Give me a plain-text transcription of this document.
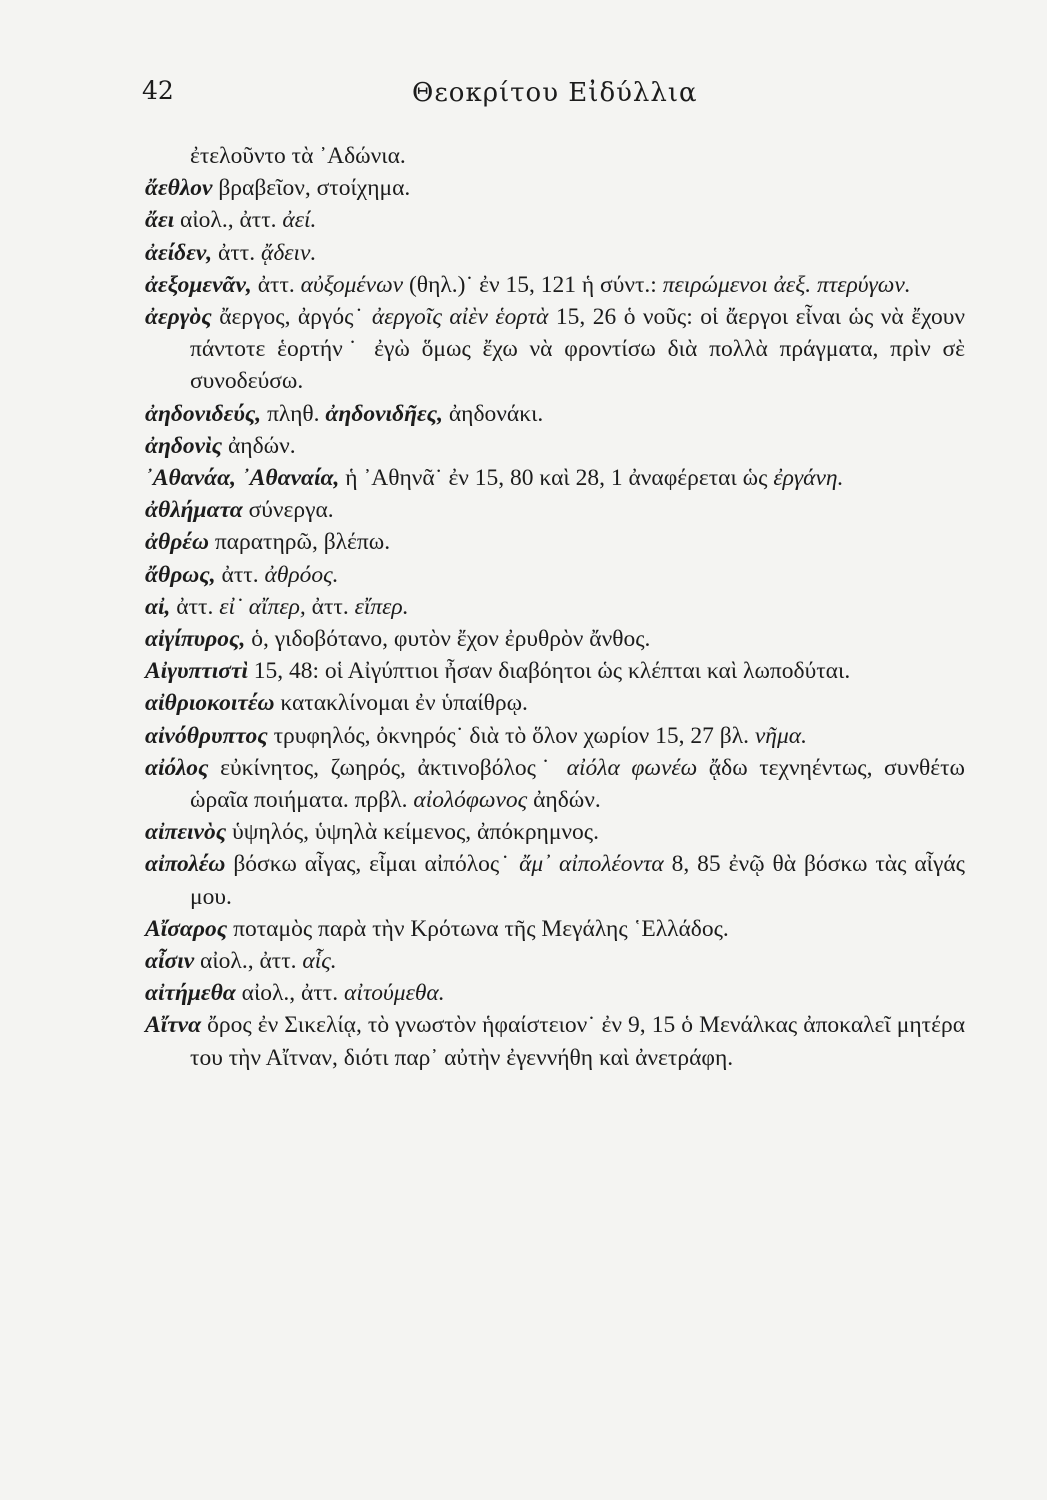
42	Θεοκρίτου Εἰδύλλια

ἐτελοῦντο τὰ ᾿Αδώνια.

ἄεθλον βραβεῖον, στοίχημα.

ἄει αἰολ., ἀττ. ἀεί.

ἀείδεν, ἀττ. ᾄδειν.

ἀεξομενᾶν, ἀττ. αὐξομένων (θηλ.)˙ ἐν 15, 121 ἡ σύντ.: πειρώμενοι ἀεξ. πτερύγων.

ἀεργὸς ἄεργος, ἀργός˙ ἀεργοῖς αἰὲν ἑορτὰ 15, 26 ὁ νοῦς: οἱ ἄεργοι εἶναι ὡς νὰ ἔχουν πάντοτε ἑορτήν˙ ἐγὼ ὅμως ἔχω νὰ φροντίσω διὰ πολλὰ πράγματα, πρὶν σὲ συνοδεύσω.

ἀηδονιδεύς, πληθ. ἀηδονιδῆες, ἀηδονάκι.

ἀηδονὶς ἀηδών.

᾿Αθανάα, ᾿Αθαναία, ἡ ᾿Αθηνᾶ˙ ἐν 15, 80 καὶ 28, 1 ἀναφέρεται ὡς ἐργάνη.

ἀθλήματα σύνεργα.

ἀθρέω παρατηρῶ, βλέπω.

ἄθρως, ἀττ. ἀθρόος.

αἰ, ἀττ. εἰ˙ αἴπερ, ἀττ. εἴπερ.

αἰγίπυρος, ὁ, γιδοβότανο, φυτὸν ἔχον ἐρυθρὸν ἄνθος.

Αἰγυπτιστὶ 15, 48: οἱ Αἰγύπτιοι ἦσαν διαβόητοι ὡς κλέπται καὶ λωποδύται.

αἰθριοκοιτέω κατακλίνομαι ἐν ὑπαίθρῳ.

αἰνόθρυπτος τρυφηλός, ὀκνηρός˙ διὰ τὸ ὅλον χωρίον 15, 27 βλ. νῆμα.

αἰόλος εὐκίνητος, ζωηρός, ἀκτινοβόλος˙ αἰόλα φωνέω ᾄδω τεχνηέντως, συνθέτω ὡραῖα ποιήματα. πρβλ. αἰολόφωνος ἀηδών.

αἰπεινὸς ὑψηλός, ὑψηλὰ κείμενος, ἀπόκρημνος.

αἰπολέω βόσκω αἶγας, εἶμαι αἰπόλος˙ ἄμ᾿ αἰπολέοντα 8, 85 ἐνῷ θὰ βόσκω τὰς αἶγάς μου.

Αἴσαρος ποταμὸς παρὰ τὴν Κρότωνα τῆς Μεγάλης ῾Ελλάδος.

αἶσιν αἰολ., ἀττ. αἷς.

αἰτήμεθα αἰολ., ἀττ. αἰτούμεθα.

Αἴτνα ὄρος ἐν Σικελίᾳ, τὸ γνωστὸν ἡφαίστειον˙ ἐν 9, 15 ὁ Μενάλκας ἀποκαλεῖ μητέρα του τὴν Αἴτναν, διότι παρ᾿ αὐτὴν ἐγεννήθη καὶ ἀνετράφη.
